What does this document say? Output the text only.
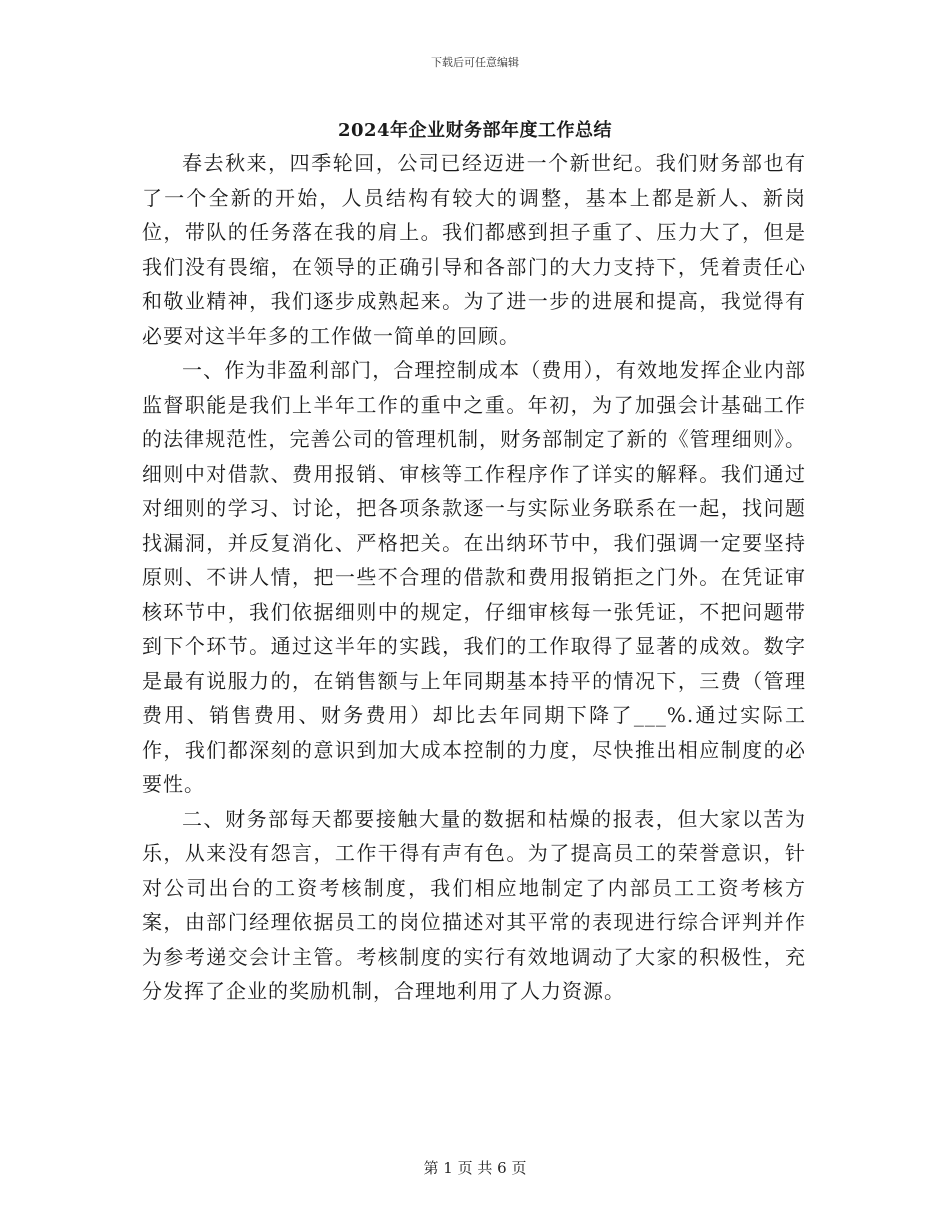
下载后可任意编辑
2024年企业财务部年度工作总结

春去秋来，四季轮回，公司已经迈进一个新世纪。我们财务部也有了一个全新的开始，人员结构有较大的调整，基本上都是新人、新岗位，带队的任务落在我的肩上。我们都感到担子重了、压力大了，但是我们没有畏缩，在领导的正确引导和各部门的大力支持下，凭着责任心和敬业精神，我们逐步成熟起来。为了进一步的进展和提高，我觉得有必要对这半年多的工作做一简单的回顾。

一、作为非盈利部门，合理控制成本（费用），有效地发挥企业内部监督职能是我们上半年工作的重中之重。年初，为了加强会计基础工作的法律规范性，完善公司的管理机制，财务部制定了新的《管理细则》。细则中对借款、费用报销、审核等工作程序作了详实的解释。我们通过对细则的学习、讨论，把各项条款逐一与实际业务联系在一起，找问题找漏洞，并反复消化、严格把关。在出纳环节中，我们强调一定要坚持原则、不讲人情，把一些不合理的借款和费用报销拒之门外。在凭证审核环节中，我们依据细则中的规定，仔细审核每一张凭证，不把问题带到下个环节。通过这半年的实践，我们的工作取得了显著的成效。数字是最有说服力的，在销售额与上年同期基本持平的情况下，三费（管理费用、销售费用、财务费用）却比去年同期下降了___%.通过实际工作，我们都深刻的意识到加大成本控制的力度，尽快推出相应制度的必要性。

二、财务部每天都要接触大量的数据和枯燥的报表，但大家以苦为乐，从来没有怨言，工作干得有声有色。为了提高员工的荣誉意识，针对公司出台的工资考核制度，我们相应地制定了内部员工工资考核方案，由部门经理依据员工的岗位描述对其平常的表现进行综合评判并作为参考递交会计主管。考核制度的实行有效地调动了大家的积极性，充分发挥了企业的奖励机制，合理地利用了人力资源。

第 1 页 共 6 页
